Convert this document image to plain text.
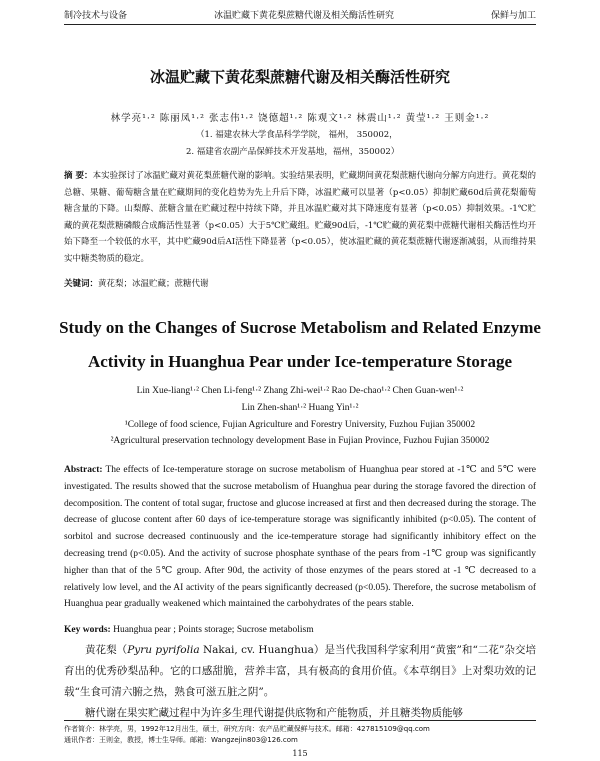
制冷技术与设备	冰温贮藏下黄花梨蔗糖代谢及相关酶活性研究	保鲜与加工
冰温贮藏下黄花梨蔗糖代谢及相关酶活性研究
林学亮¹·² 陈丽凤¹·² 张志伟¹·² 饶德超¹·² 陈观文¹·² 林震山¹·² 黄莹¹·² 王则金¹·²
（1. 福建农林大学食品科学学院， 福州， 350002，
2. 福建省农副产品保鲜技术开发基地，福州，350002）
摘 要：本实验探讨了冰温贮藏对黄花梨蔗糖代谢的影响。实验结果表明，贮藏期间黄花梨蔗糖代谢向分解方向进行。黄花梨的总糖、果糖、葡萄糖含量在贮藏期间的变化趋势为先上升后下降，冰温贮藏可以显著（p<0.05）抑制贮藏60d后黄花梨葡萄糖含量的下降。山梨醇、蔗糖含量在贮藏过程中持续下降，并且冰温贮藏对其下降速度有显著（p<0.05）抑制效果。-1℃贮藏的黄花梨蔗糖磷酸合成酶活性显著（p<0.05）大于5℃贮藏组。贮藏90d后，-1℃贮藏的黄花梨中蔗糖代谢相关酶活性均开始下降至一个较低的水平，其中贮藏90d后AI活性下降显著（p<0.05），使冰温贮藏的黄花梨蔗糖代谢逐渐减弱，从而维持果实中糖类物质的稳定。
关键词：黄花梨；冰温贮藏；蔗糖代谢
Study on the Changes of Sucrose Metabolism and Related Enzyme
Activity in Huanghua Pear under Ice-temperature Storage
Lin Xue-liang¹·² Chen Li-feng¹·² Zhang Zhi-wei¹·² Rao De-chao¹·² Chen Guan-wen¹·²
Lin Zhen-shan¹·² Huang Yin¹·²
¹College of food science, Fujian Agriculture and Forestry University, Fuzhou Fujian 350002
²Agricultural preservation technology development Base in Fujian Province, Fuzhou Fujian 350002
Abstract: The effects of Ice-temperature storage on sucrose metabolism of Huanghua pear stored at -1℃ and 5℃ were investigated. The results showed that the sucrose metabolism of Huanghua pear during the storage favored the direction of decomposition. The content of total sugar, fructose and glucose increased at first and then decreased during the storage. The decrease of glucose content after 60 days of ice-temperature storage was significantly inhibited (p<0.05). The content of sorbitol and sucrose decreased continuously and the ice-temperature storage had significantly inhibitory effect on the decreasing trend (p<0.05). And the activity of sucrose phosphate synthase of the pears from -1℃ group was significantly higher than that of the 5℃ group. After 90d, the activity of those enzymes of the pears stored at -1 ℃ decreased to a relatively low level, and the AI activity of the pears significantly decreased (p<0.05). Therefore, the sucrose metabolism of Huanghua pear gradually weakened which maintained the carbohydrates of the pears stable.
Key words: Huanghua pear ; Points storage; Sucrose metabolism

黄花梨（Pyru pyrifolia Nakai, cv. Huanghua）是当代我国科学家利用“黄蜜”和“二花”杂交培育出的优秀砂梨品种。它的口感甜脆，营养丰富，具有极高的食用价值。《本草纲目》上对梨功效的记载“生食可清六腑之热，熟食可滋五脏之阴”。

糖代谢在果实贮藏过程中为许多生理代谢提供底物和产能物质，并且糖类物质能够

作者简介：林学亮，男，1992年12月出生，硕士，研究方向：农产品贮藏保鲜与技术。邮箱：427815109@qq.com
通讯作者：王则金，教授，博士生导师。邮箱：Wangzejin803@126.com
115
